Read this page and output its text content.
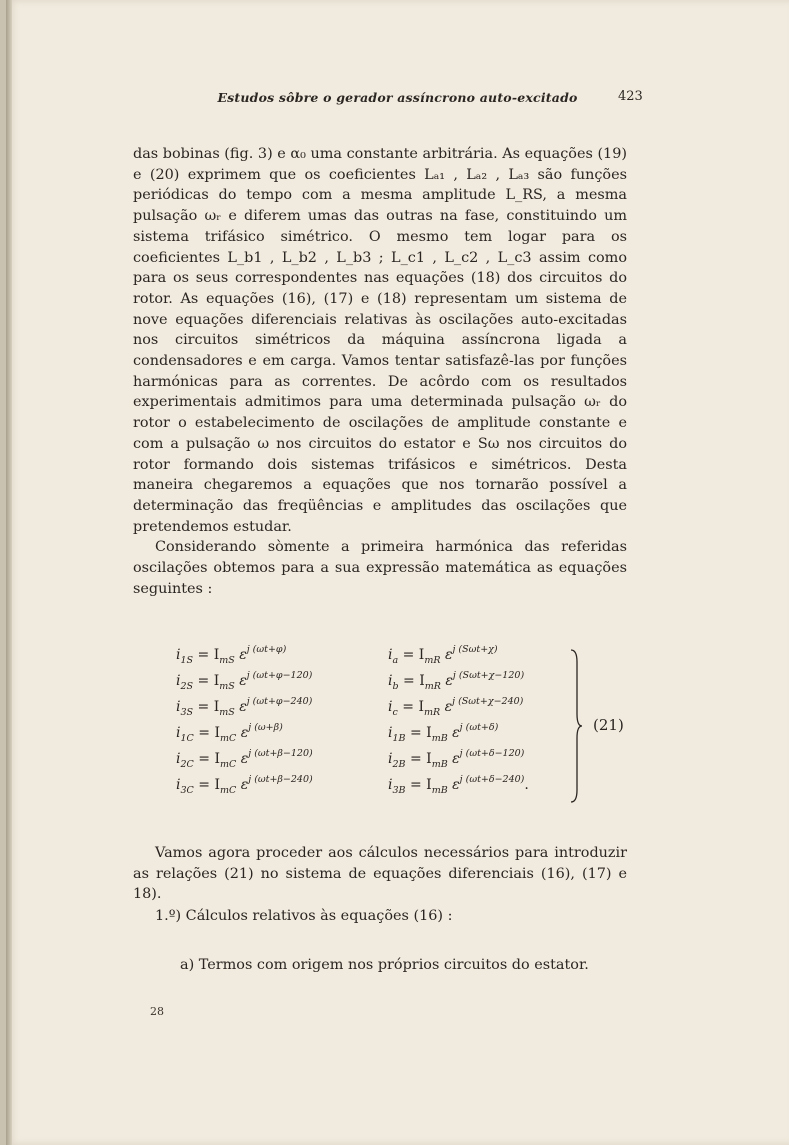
Estudos sôbre o gerador assíncrono auto-excitado	423

das bobinas (fig. 3) e α₀ uma constante arbitrária. As equações (19) e (20) exprimem que os coeficientes Lₐ₁ , Lₐ₂ , Lₐ₃ são funções periódicas do tempo com a mesma amplitude L_RS, a mesma pulsação ωᵣ e diferem umas das outras na fase, constituindo um sistema trifásico simétrico. O mesmo tem logar para os coeficientes L_b1 , L_b2 , L_b3 ; L_c1 , L_c2 , L_c3 assim como para os seus correspondentes nas equações (18) dos circuitos do rotor. As equações (16), (17) e (18) representam um sistema de nove equações diferenciais relativas às oscilações auto-excitadas nos circuitos simétricos da máquina assíncrona ligada a condensadores e em carga. Vamos tentar satisfazê-las por funções harmónicas para as correntes. De acôrdo com os resultados experimentais admitimos para uma determinada pulsação ωᵣ do rotor o estabelecimento de oscilações de amplitude constante e com a pulsação ω nos circuitos do estator e Sω nos circuitos do rotor formando dois sistemas trifásicos e simétricos. Desta maneira chegaremos a equações que nos tornarão possível a determinação das freqüências e amplitudes das oscilações que pretendemos estudar.

Considerando sòmente a primeira harmónica das referidas oscilações obtemos para a sua expressão matemática as equações seguintes :

$i_{1S} = I_{mS}$ $\varepsilon^{j (\omega t+\varphi)}$
$i_{2S} = I_{mS}$ $\varepsilon^{j (\omega t+\varphi-120)}$
$i_{3S} = I_{mS}$ $\varepsilon^{j (\omega t+\varphi-240)}$
$i_{1C} = I_{mC}$ $\varepsilon^{j (\omega+\beta)}$
$i_{2C} = I_{mC}$ $\varepsilon^{j (\omega t+\beta-120)}$
$i_{3C} = I_{mC}$ $\varepsilon^{j (\omega t+\beta-240)}$
$i_a = I_{mR}$ $\varepsilon^{j (S\omega t+\chi)}$
$i_b = I_{mR}$ $\varepsilon^{j (S\omega t+\chi-120)}$
$i_c = I_{mR}$ $\varepsilon^{j (S\omega t+\chi-240)}$
$i_{1B} = I_{mB}$ $\varepsilon^{j (\omega t+\delta)}$
$i_{2B} = I_{mB}$ $\varepsilon^{j (\omega t+\delta-120)}$
$i_{3B} = I_{mB}$ $\varepsilon^{j (\omega t+\delta-240)}$.
(21)

Vamos agora proceder aos cálculos necessários para introduzir as relações (21) no sistema de equações diferenciais (16), (17) e 18).

1.º) Cálculos relativos às equações (16) :

a) Termos com origem nos próprios circuitos do estator.

28
